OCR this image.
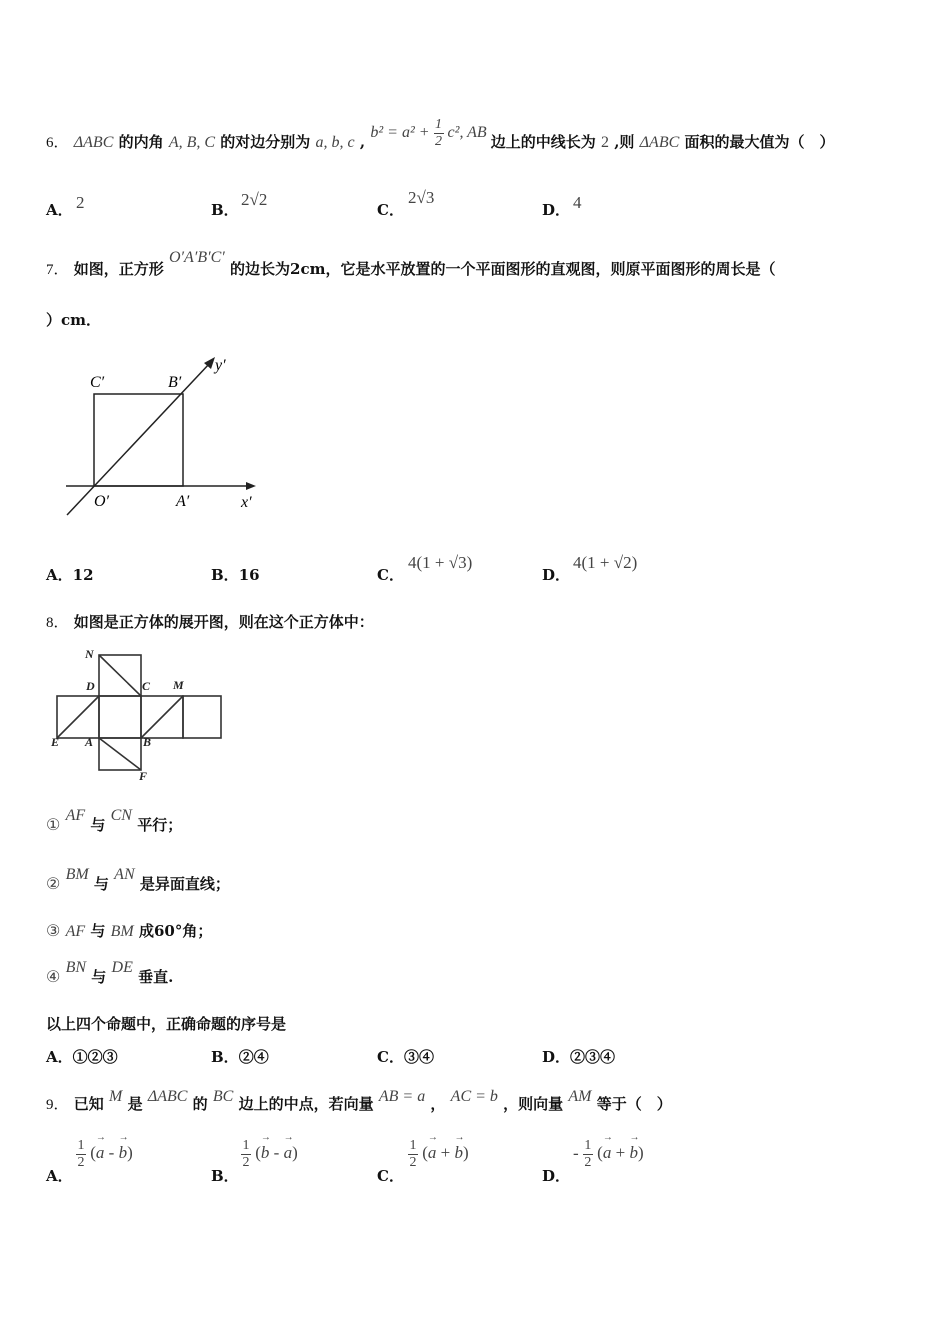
6． ΔABC 的内角 A, B, C 的对边分别为 a, b, c , $b^2 = a^2 + \frac{1}{2} c^2$, AB 边上的中线长为 2 ,则 ΔABC 面积的最大值为（　）
A． 2	B．
2√2
C．
2√3
D． 4
7． 如图，正方形 O′A′B′C′ 的边长为2cm，它是水平放置的一个平面图形的直观图，则原平面图形的周长是（
）cm．
C′	B′
O′	A′	x′
y′
A．12	B．16	C．
4(1 + √3)
D．
4(1 + √2)
8． 如图是正方体的展开图，则在这个正方体中：
N
D	C M
E A	B
F
① AF 与 CN 平行；
② BM 与 AN 是异面直线；
③ AF 与 BM 成60°角；
④ BN 与 DE 垂直.
以上四个命题中，正确命题的序号是
A．①②③	B．②④	C．③④	D．②③④
9． 已知 M 是 ΔABC 的 BC 边上的中点，若向量 AB = a ， AC = b ，则向量 AM 等于（　）
A．
$\frac{1}{2}$ (→ a - → b)
B．
$\frac{1}{2}$ (→ b - → a)
C．
$\frac{1}{2}$ (→ a + → b)
D．
- $\frac{1}{2}$ (→ a + → b)
